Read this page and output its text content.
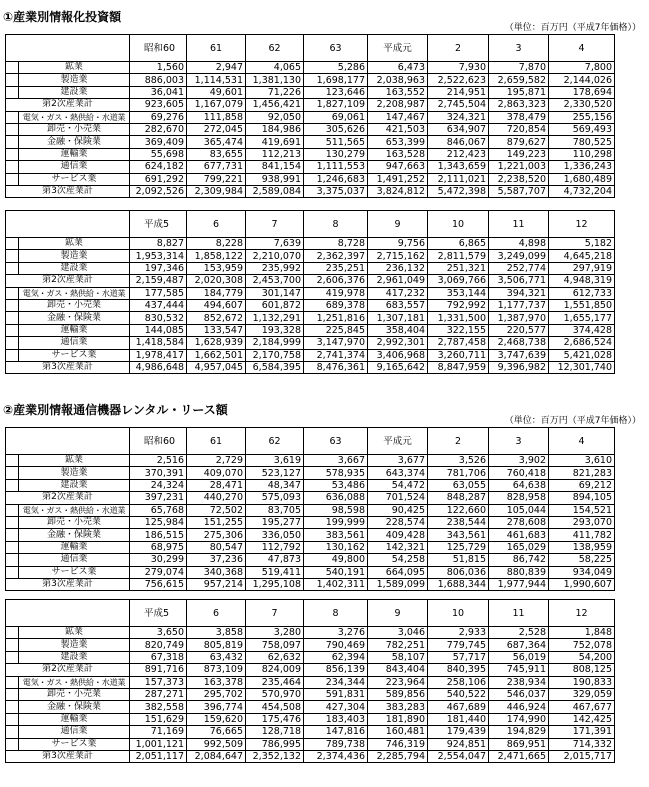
①産業別情報化投資額
（単位：百万円（平成7年価格））
		昭和60	61	62	63	平成元	2	3	4
	鉱業	1,560	2,947	4,065	5,286	6,473	7,930	7,870	7,800
	製造業	886,003	1,114,531	1,381,130	1,698,177	2,038,963	2,522,623	2,659,582	2,144,026
	建設業	36,041	49,601	71,226	123,646	163,552	214,951	195,871	178,694
第2次産業計		923,605	1,167,079	1,456,421	1,827,109	2,208,987	2,745,504	2,863,323	2,330,520
	電気・ガス・熱供給・水道業	69,276	111,858	92,050	69,061	147,467	324,321	378,479	255,156
	卸売・小売業	282,670	272,045	184,986	305,626	421,503	634,907	720,854	569,493
	金融・保険業	369,409	365,474	419,691	511,565	653,399	846,067	879,627	780,525
	運輸業	55,698	83,655	112,213	130,279	163,528	212,423	149,223	110,298
	通信業	624,182	677,731	841,154	1,111,553	947,663	1,343,659	1,221,003	1,336,243
	サービス業	691,292	799,221	938,991	1,246,683	1,491,252	2,111,021	2,238,520	1,680,489
第3次産業計		2,092,526	2,309,984	2,589,084	3,375,037	3,824,812	5,472,398	5,587,707	4,732,204
		平成5	6	7	8	9	10	11	12
	鉱業	8,827	8,228	7,639	8,728	9,756	6,865	4,898	5,182
	製造業	1,953,314	1,858,122	2,210,070	2,362,397	2,715,162	2,811,579	3,249,099	4,645,218
	建設業	197,346	153,959	235,992	235,251	236,132	251,321	252,774	297,919
第2次産業計		2,159,487	2,020,308	2,453,700	2,606,376	2,961,049	3,069,766	3,506,771	4,948,319
	電気・ガス・熱供給・水道業	177,585	184,779	301,147	419,978	417,232	353,144	394,321	612,733
	卸売・小売業	437,444	494,607	601,872	689,378	683,557	792,992	1,177,737	1,551,850
	金融・保険業	830,532	852,672	1,132,291	1,251,816	1,307,181	1,331,500	1,387,970	1,655,177
	運輸業	144,085	133,547	193,328	225,845	358,404	322,155	220,577	374,428
	通信業	1,418,584	1,628,939	2,184,999	3,147,970	2,992,301	2,787,458	2,468,738	2,686,524
	サービス業	1,978,417	1,662,501	2,170,758	2,741,374	3,406,968	3,260,711	3,747,639	5,421,028
第3次産業計		4,986,648	4,957,045	6,584,395	8,476,361	9,165,642	8,847,959	9,396,982	12,301,740
②産業別情報通信機器レンタル・リース額
（単位：百万円（平成7年価格））
		昭和60	61	62	63	平成元	2	3	4
	鉱業	2,516	2,729	3,619	3,667	3,677	3,526	3,902	3,610
	製造業	370,391	409,070	523,127	578,935	643,374	781,706	760,418	821,283
	建設業	24,324	28,471	48,347	53,486	54,472	63,055	64,638	69,212
第2次産業計		397,231	440,270	575,093	636,088	701,524	848,287	828,958	894,105
	電気・ガス・熱供給・水道業	65,768	72,502	83,705	98,598	90,425	122,660	105,044	154,521
	卸売・小売業	125,984	151,255	195,277	199,999	228,574	238,544	278,608	293,070
	金融・保険業	186,515	275,306	336,050	383,561	409,428	343,561	461,683	411,782
	運輸業	68,975	80,547	112,792	130,162	142,321	125,729	165,029	138,959
	通信業	30,299	37,236	47,873	49,800	54,258	51,815	86,742	58,225
	サービス業	279,074	340,368	519,411	540,191	664,095	806,036	880,839	934,049
第3次産業計		756,615	957,214	1,295,108	1,402,311	1,589,099	1,688,344	1,977,944	1,990,607
		平成5	6	7	8	9	10	11	12
	鉱業	3,650	3,858	3,280	3,276	3,046	2,933	2,528	1,848
	製造業	820,749	805,819	758,097	790,469	782,251	779,745	687,364	752,078
	建設業	67,318	63,432	62,632	62,394	58,107	57,717	56,019	54,200
第2次産業計		891,716	873,109	824,009	856,139	843,404	840,395	745,911	808,125
	電気・ガス・熱供給・水道業	157,373	163,378	235,464	234,344	223,964	258,106	238,934	190,833
	卸売・小売業	287,271	295,702	570,970	591,831	589,856	540,522	546,037	329,059
	金融・保険業	382,558	396,774	454,508	427,304	383,283	467,689	446,924	467,677
	運輸業	151,629	159,620	175,476	183,403	181,890	181,440	174,990	142,425
	通信業	71,169	76,665	128,718	147,816	160,481	179,439	194,829	171,391
	サービス業	1,001,121	992,509	786,995	789,738	746,319	924,851	869,951	714,332
第3次産業計		2,051,117	2,084,647	2,352,132	2,374,436	2,285,794	2,554,047	2,471,665	2,015,717
